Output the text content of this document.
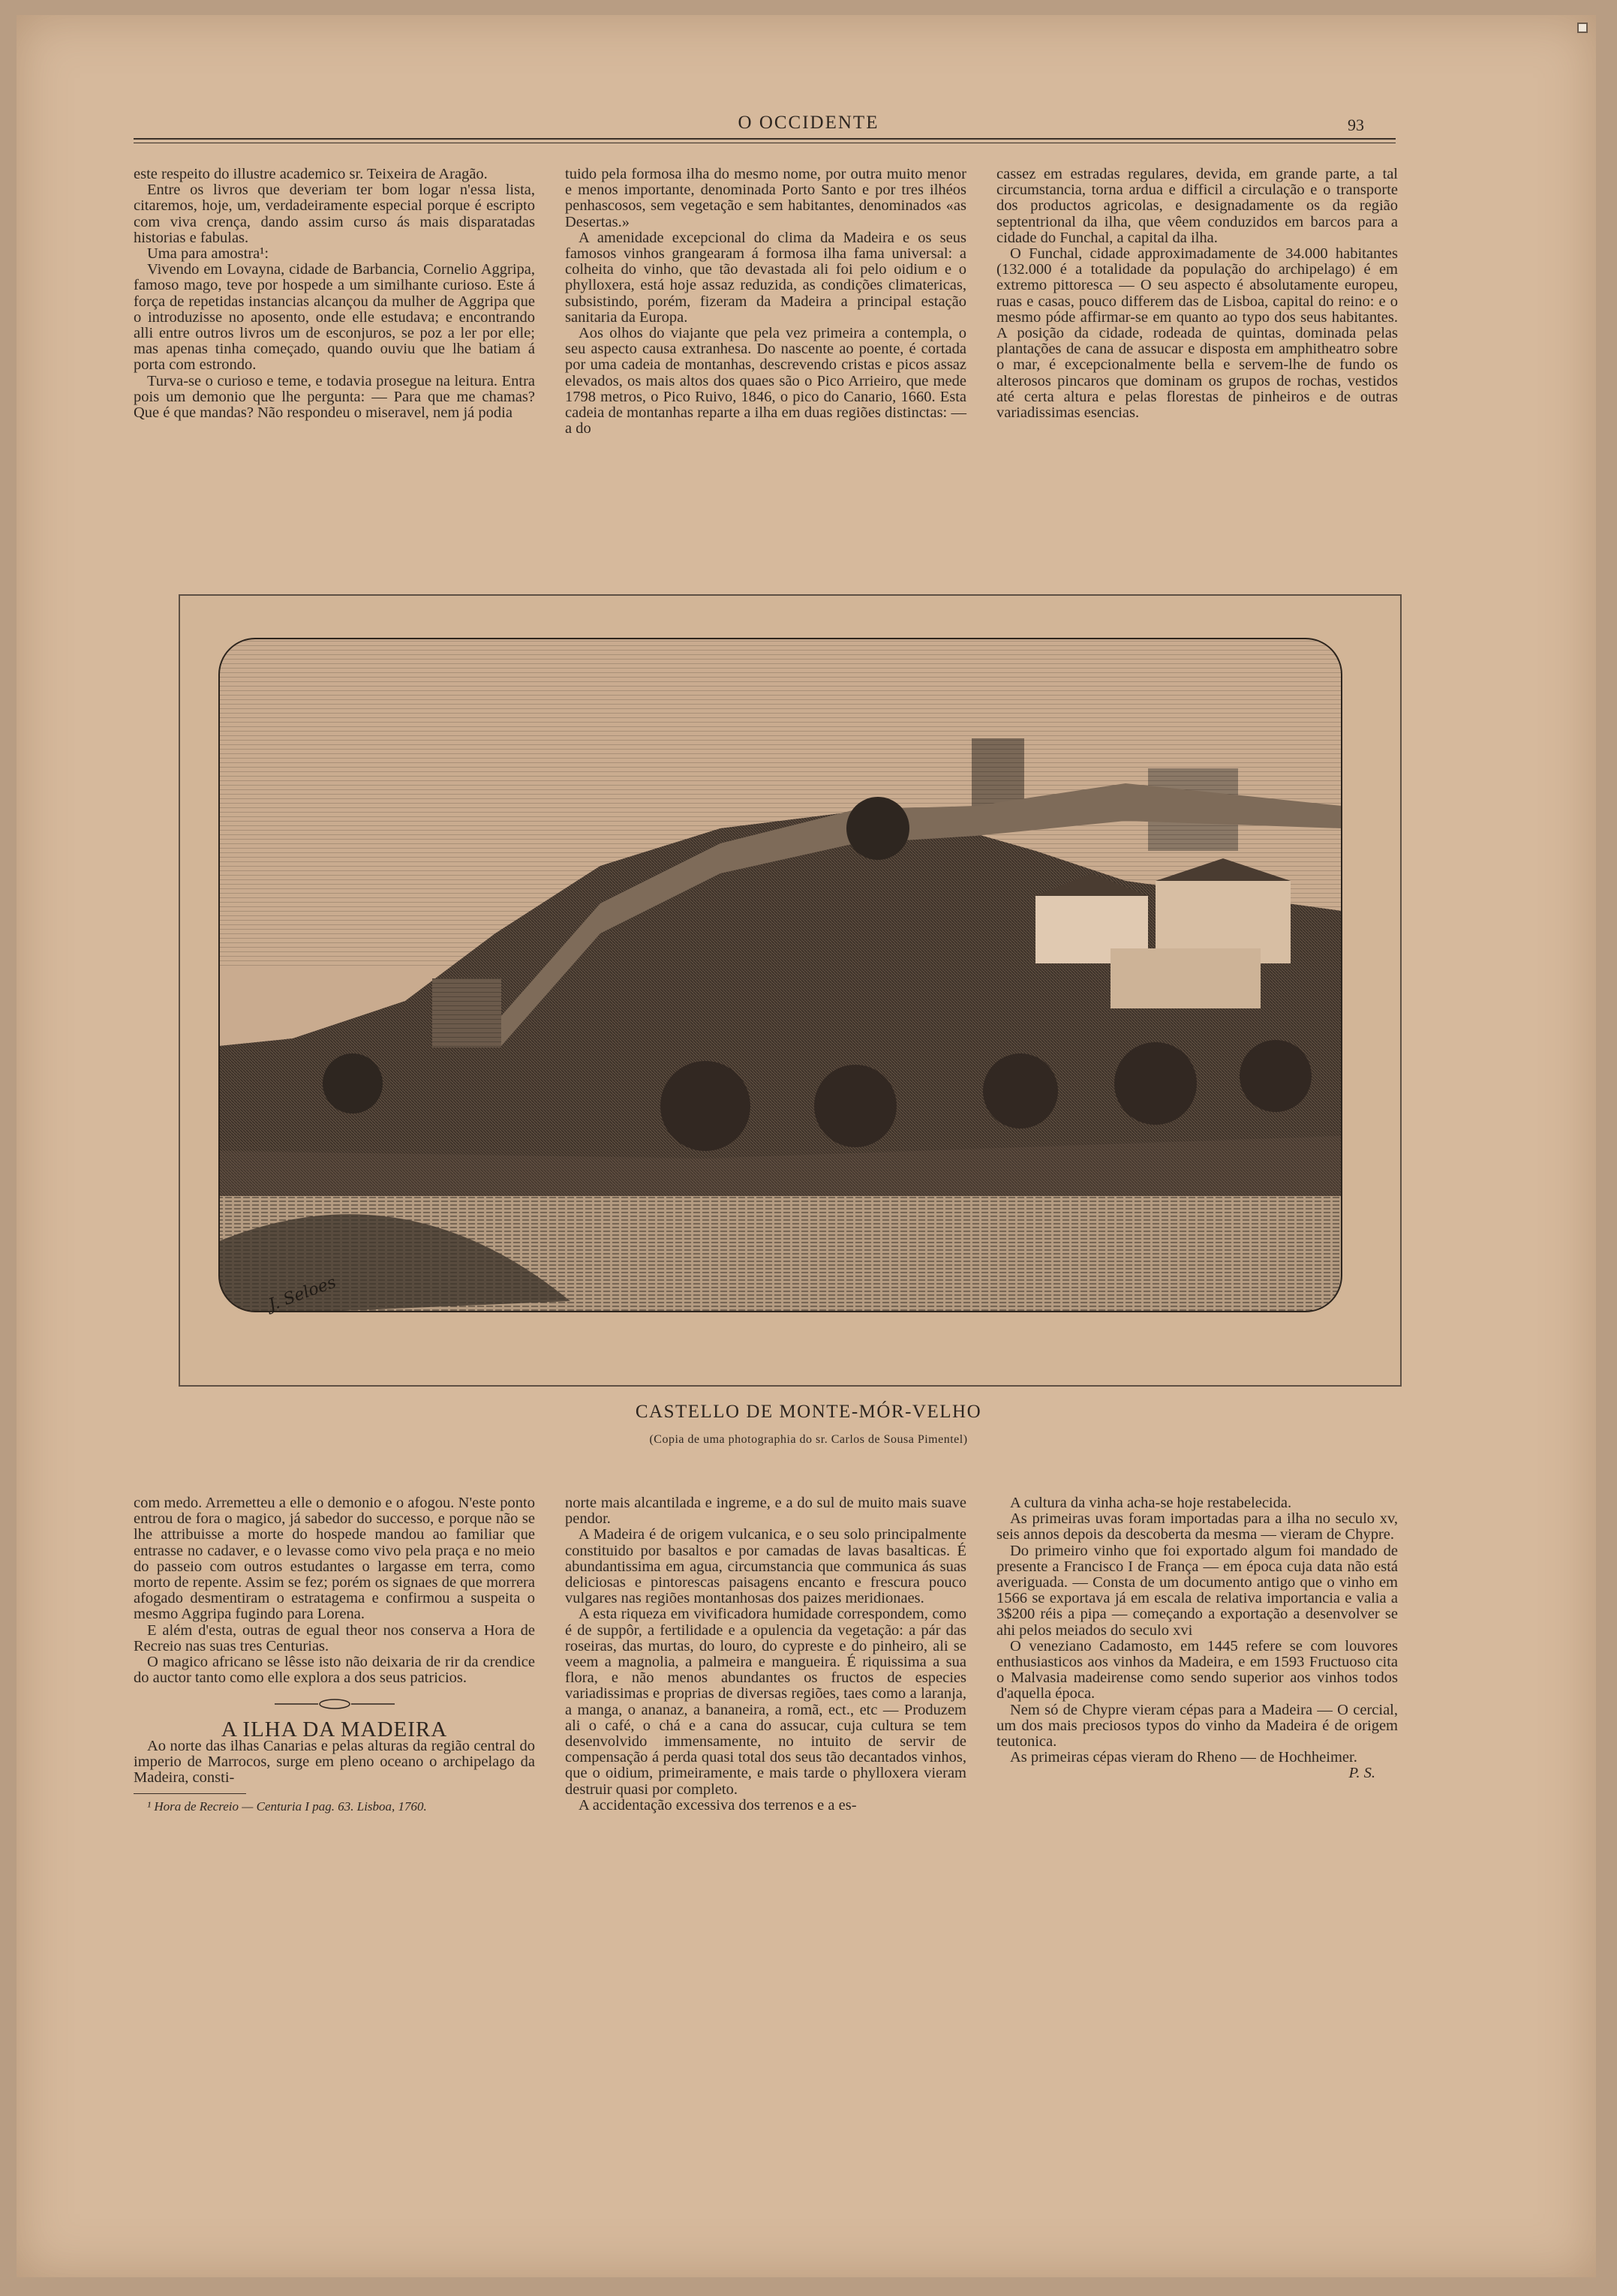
O OCCIDENTE	93

este respeito do illustre academico sr. Teixeira de Aragão.

Entre os livros que deveriam ter bom logar n'essa lista, citaremos, hoje, um, verdadeiramente especial porque é escripto com viva crença, dando assim curso ás mais disparatadas historias e fabulas.

Uma para amostra¹:

Vivendo em Lovayna, cidade de Barbancia, Cornelio Aggripa, famoso mago, teve por hospede a um similhante curioso. Este á força de repetidas instancias alcançou da mulher de Aggripa que o introduzisse no aposento, onde elle estudava; e encontrando alli entre outros livros um de esconjuros, se poz a ler por elle; mas apenas tinha começado, quando ouviu que lhe batiam á porta com estrondo.

Turva-se o curioso e teme, e todavia prosegue na leitura. Entra pois um demonio que lhe pergunta: — Para que me chamas? Que é que mandas? Não respondeu o miseravel, nem já podia

tuido pela formosa ilha do mesmo nome, por outra muito menor e menos importante, denominada Porto Santo e por tres ilhéos penhascosos, sem vegetação e sem habitantes, denominados «as Desertas.»

A amenidade excepcional do clima da Madeira e os seus famosos vinhos grangearam á formosa ilha fama universal: a colheita do vinho, que tão devastada ali foi pelo oidium e o phylloxera, está hoje assaz reduzida, as condições climatericas, subsistindo, porém, fizeram da Madeira a principal estação sanitaria da Europa.

Aos olhos do viajante que pela vez primeira a contempla, o seu aspecto causa extranhesa. Do nascente ao poente, é cortada por uma cadeia de montanhas, descrevendo cristas e picos assaz elevados, os mais altos dos quaes são o Pico Arrieiro, que mede 1798 metros, o Pico Ruivo, 1846, o pico do Canario, 1660. Esta cadeia de montanhas reparte a ilha em duas regiões distinctas: — a do

cassez em estradas regulares, devida, em grande parte, a tal circumstancia, torna ardua e difficil a circulação e o transporte dos productos agricolas, e designadamente os da região septentrional da ilha, que vêem conduzidos em barcos para a cidade do Funchal, a capital da ilha.

O Funchal, cidade approximadamente de 34.000 habitantes (132.000 é a totalidade da população do archipelago) é em extremo pittoresca — O seu aspecto é absolutamente europeu, ruas e casas, pouco differem das de Lisboa, capital do reino: e o mesmo póde affirmar-se em quanto ao typo dos seus habitantes. A posição da cidade, rodeada de quintas, dominada pelas plantações de cana de assucar e disposta em amphitheatro sobre o mar, é excepcionalmente bella e servem-lhe de fundo os alterosos pincaros que dominam os grupos de rochas, vestidos até certa altura e pelas florestas de pinheiros e de outras variadissimas esencias.

J. Seloes
CASTELLO DE MONTE-MÓR-VELHO
(Copia de uma photographia do sr. Carlos de Sousa Pimentel)

com medo. Arremetteu a elle o demonio e o afogou. N'este ponto entrou de fora o magico, já sabedor do successo, e porque não se lhe attribuisse a morte do hospede mandou ao familiar que entrasse no cadaver, e o levasse como vivo pela praça e no meio do passeio com outros estudantes o largasse em terra, como morto de repente. Assim se fez; porém os signaes de que morrera afogado desmentiram o estratagema e confirmou a suspeita o mesmo Aggripa fugindo para Lorena.

E além d'esta, outras de egual theor nos conserva a Hora de Recreio nas suas tres Centurias.

O magico africano se lêsse isto não deixaria de rir da crendice do auctor tanto como elle explora a dos seus patricios.

A ILHA DA MADEIRA

Ao norte das ilhas Canarias e pelas alturas da região central do imperio de Marrocos, surge em pleno oceano o archipelago da Madeira, consti-

¹ Hora de Recreio — Centuria I pag. 63. Lisboa, 1760.

norte mais alcantilada e ingreme, e a do sul de muito mais suave pendor.

A Madeira é de origem vulcanica, e o seu solo principalmente constituido por basaltos e por camadas de lavas basalticas. É abundantissima em agua, circumstancia que communica ás suas deliciosas e pintorescas paisagens encanto e frescura pouco vulgares nas regiões montanhosas dos paizes meridionaes.

A esta riqueza em vivificadora humidade correspondem, como é de suppôr, a fertilidade e a opulencia da vegetação: a pár das roseiras, das murtas, do louro, do cypreste e do pinheiro, ali se veem a magnolia, a palmeira e mangueira. É riquissima a sua flora, e não menos abundantes os fructos de especies variadissimas e proprias de diversas regiões, taes como a laranja, a manga, o ananaz, a bananeira, a romã, ect., etc — Produzem ali o café, o chá e a cana do assucar, cuja cultura se tem desenvolvido immensamente, no intuito de servir de compensação á perda quasi total dos seus tão decantados vinhos, que o oidium, primeiramente, e mais tarde o phylloxera vieram destruir quasi por completo.

A accidentação excessiva dos terrenos e a es-

A cultura da vinha acha-se hoje restabelecida.

As primeiras uvas foram importadas para a ilha no seculo xv, seis annos depois da descoberta da mesma — vieram de Chypre.

Do primeiro vinho que foi exportado algum foi mandado de presente a Francisco I de França — em época cuja data não está averiguada. — Consta de um documento antigo que o vinho em 1566 se exportava já em escala de relativa importancia e valia a 3$200 réis a pipa — começando a exportação a desenvolver se ahi pelos meiados do seculo xvi

O veneziano Cadamosto, em 1445 refere se com louvores enthusiasticos aos vinhos da Madeira, e em 1593 Fructuoso cita o Malvasia madeirense como sendo superior aos vinhos todos d'aquella época.

Nem só de Chypre vieram cépas para a Madeira — O cercial, um dos mais preciosos typos do vinho da Madeira é de origem teutonica.

As primeiras cépas vieram do Rheno — de Hochheimer.

P. S.
